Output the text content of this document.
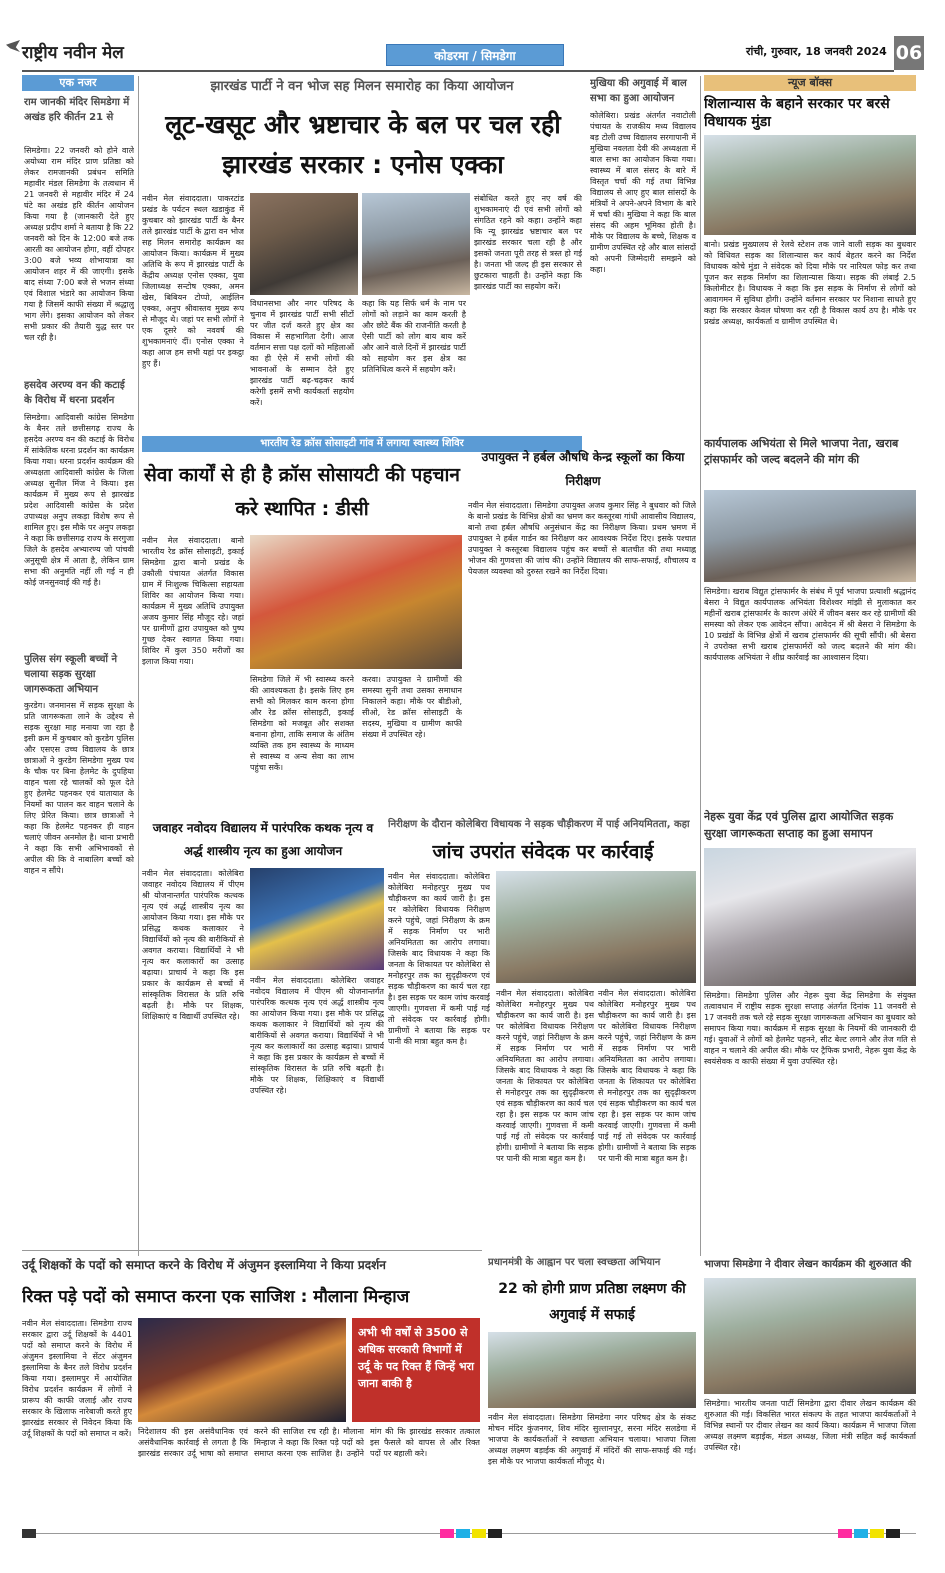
राष्ट्रीय नवीन मेल	कोडरमा / सिमडेगा	रांची, गुरुवार, 18 जनवरी 2024 06
एक नजर
राम जानकी मंदिर सिमडेगा में अखंड हरि कीर्तन 21 से
सिमडेगा। 22 जनवरी को होने वाले अयोध्या राम मंदिर प्राण प्रतिष्ठा को लेकर रामजानकी प्रबंधन समिति महावीर मंडल सिमडेगा के तत्वधान में 21 जनवरी से महावीर मंदिर में 24 घंटे का अखंड हरि कीर्तन आयोजन किया गया है (जानकारी देते हुए अध्यक्ष प्रदीप शर्मा ने बताया है कि 22 जनवरी को दिन के 12:00 बजे तक आरती का आयोजन होगा, वहीं दोपहर 3:00 बजे भव्य शोभायात्रा का आयोजन शहर में की जाएगी। इसके बाद संध्या 7:00 बजे से भजन संध्या एवं विशाल भंडारे का आयोजन किया गया है जिसमें काफी संख्या में श्रद्धालु भाग लेंगे। इसका आयोजन को लेकर सभी प्रकार की तैयारी युद्ध स्तर पर चल रही है।
हसदेव अरण्य वन की कटाई के विरोध में धरना प्रदर्शन
सिमडेगा। आदिवासी कांग्रेस सिमडेगा के बैनर तले छत्तीसगढ़ राज्य के हसदेव अरण्य वन की कटाई के विरोध में सांकेतिक धरना प्रदर्शन का कार्यक्रम किया गया। धरना प्रदर्शन कार्यक्रम की अध्यक्षता आदिवासी कांग्रेस के जिला अध्यक्ष सुनील मिंज ने किया। इस कार्यक्रम में मुख्य रूप से झारखंड प्रदेश आदिवासी कांग्रेस के प्रदेश उपाध्यक्ष अनुप लकड़ा विशेष रूप से शामिल हुए। इस मौके पर अनुप लकड़ा ने कहा कि छत्तीसगढ़ राज्य के सरगुजा जिले के हसदेव अभ्यारण्य जो पांचवी अनुसूची क्षेत्र में आता है, लेकिन ग्राम सभा की अनुमति नहीं ली गई न ही कोई जनसुनवाई की गई है।
पुलिस संग स्कूली बच्चों ने चलाया सड़क सुरक्षा जागरूकता अभियान
कुरडेग। जनमानस में सड़क सुरक्षा के प्रति जागरूकता लाने के उद्देश्य से सड़क सुरक्षा माह मनाया जा रहा है इसी क्रम में कुचबार को कुरडेग पुलिस और एसएस उच्च विद्यालय के छात्र छात्राओं ने कुरडेग सिमडेगा मुख्य पथ के चौक पर बिना हेलमेट के दुपहिया वाहन चला रहे चालकों को फूल देते हुए हेलमेट पहनकर एवं यातायात के नियमों का पालन कर वाहन चलाने के लिए प्रेरित किया। छात्र छात्राओं ने कहा कि हेलमेट पहनकर ही वाहन चलाएं जीवन अनमोल है। थाना प्रभारी ने कहा कि सभी अभिभावकों से अपील की कि वे नाबालिग बच्चों को वाहन न सौंपे।
झारखंड पार्टी ने वन भोज सह मिलन समारोह का किया आयोजन
लूट-खसूट और भ्रष्टाचार के बल पर चल रही झारखंड सरकार : एनोस एक्का
नवीन मेल संवाददाता। पाकरटांड प्रखंड के पर्यटन स्थल खडाकुंड में कुचबार को झारखंड पार्टी के बैनर तले झारखंड पार्टी के द्वारा वन भोज सह मिलन समारोह कार्यक्रम का आयोजन किया। कार्यक्रम में मुख्य अतिथि के रूप में झारखंड पार्टी के केंद्रीय अध्यक्ष एनोस एक्का, युवा जिलाध्यक्ष सन्टोष एक्का, अमन खेस, बिबियन टोप्पो, आईलिन एक्का, अनुप श्रीवास्तव मुख्य रूप से मौजूद थे। जहां पर सभी लोगों ने एक दूसरे को नववर्ष की शुभकामनाएं दीं। एनोस एक्का ने कहा आज हम सभी यहां पर इकट्ठा हुए हैं।
विधानसभा और नगर परिषद के चुनाव में झारखंड पार्टी सभी सीटों पर जीत दर्ज करते हुए क्षेत्र का विकास में सहभागिता देगी। आज वर्तमान सत्ता पक्ष दलों को महिलाओं का ही ऐसे में सभी लोगों की भावनाओं के सम्मान देते हुए झारखंड पार्टी बढ़-चढ़कर कार्य करेगी इसमें सभी कार्यकर्ता सहयोग करें।
कहा कि यह सिर्फ धर्म के नाम पर लोगों को लड़ाने का काम करती है और छोटे बैंक की राजनीति करती है ऐसी पार्टी को लोग बाय बाय करें और आने वाले दिनों में झारखंड पार्टी को सहयोग कर इस क्षेत्र का प्रतिनिधित्व करने में सहयोग करें।
संबोधित करते हुए नए वर्ष की शुभकामनाएं दी एवं सभी लोगों को संगठित रहने को कहा। उन्होंने कहा कि न्यू झारखंड भ्रष्टाचार बल पर झारखंड सरकार चला रही है और इसको जनता पूरी तरह से त्रस्त हो गई है। जनता भी जल्द ही इस सरकार से छुटकारा चाहती है। उन्होंने कहा कि झारखंड पार्टी का सहयोग करें।
मुखिया की अगुवाई में बाल सभा का हुआ आयोजन
कोलेबिरा। प्रखंड अंतर्गत नवाटोली पंचायत के राजकीय मध्य विद्यालय बड़ टोली उच्च विद्यालय सरगापानी में मुखिया नवलता देवी की अध्यक्षता में बाल सभा का आयोजन किया गया। स्वास्थ्य में बाल संसद के बारे में विस्तृत चर्चा की गई तथा विभिन्न विद्यालय से आए हुए बाल सांसदों के मंत्रियों ने अपने-अपने विभाग के बारे में चर्चा की। मुखिया ने कहा कि बाल संसद की अहम भूमिका होती है। मौके पर विद्यालय के बच्चे, शिक्षक व ग्रामीण उपस्थित रहे और बाल सांसदों को अपनी जिम्मेदारी समझने को कहा।
न्यूज बॉक्स
शिलान्यास के बहाने सरकार पर बरसे विधायक मुंडा
बानो। प्रखंड मुख्यालय से रेलवे स्टेशन तक जाने वाली सड़क का बुधवार को विधिवत सड़क का शिलान्यास कर कार्य बेहतर करने का निर्देश विधायक कोचे मुंडा ने संवेदक को दिया मौके पर नारियल फोड़ कर तथा पूजन कर सड़क निर्माण का शिलान्यास किया। सड़क की लंबाई 2.5 किलोमीटर है। विधायक ने कहा कि इस सड़क के निर्माण से लोगों को आवागमन में सुविधा होगी। उन्होंने वर्तमान सरकार पर निशाना साधते हुए कहा कि सरकार केवल घोषणा कर रही है विकास कार्य ठप है। मौके पर प्रखंड अध्यक्ष, कार्यकर्ता व ग्रामीण उपस्थित थे।
भारतीय रेड क्रॉस सोसाइटी गांव में लगाया स्वास्थ्य शिविर
सेवा कार्यों से ही है क्रॉस सोसायटी की पहचान करे स्थापित : डीसी
नवीन मेल संवाददाता। बानो भारतीय रेड क्रॉस सोसाइटी, इकाई सिमडेगा द्वारा बानो प्रखंड के उकौली पंचायत अंतर्गत विकास ग्राम में निःशुल्क चिकित्सा सहायता शिविर का आयोजन किया गया। कार्यक्रम में मुख्य अतिथि उपायुक्त अजय कुमार सिंह मौजूद रहे। जहां पर ग्रामीणों द्वारा उपायुक्त को पुष्प गुच्छ देकर स्वागत किया गया। शिविर में कुल 350 मरीजों का इलाज किया गया।
सिमडेगा जिले में भी स्वास्थ्य करने की आवश्यकता है। इसके लिए हम सभी को मिलकर काम करना होगा और रेड क्रॉस सोसाइटी, इकाई सिमडेगा को मजबूत और सशक्त बनाना होगा, ताकि समाज के अंतिम व्यक्ति तक हम स्वास्थ्य के माध्यम से स्वास्थ्य व अन्य सेवा का लाभ पहुंचा सकें।
करवा। उपायुक्त ने ग्रामीणों की समस्या सुनी तथा उसका समाधान निकालने कहा। मौके पर बीडीओ, सीओ, रेड क्रॉस सोसाइटी के सदस्य, मुखिया व ग्रामीण काफी संख्या में उपस्थित रहे।
उपायुक्त ने हर्बल औषधि केन्द्र स्कूलों का किया निरीक्षण
नवीन मेल संवाददाता। सिमडेगा उपायुक्त अजय कुमार सिंह ने बुधवार को जिले के बानो प्रखंड के विभिन्न क्षेत्रों का भ्रमण कर कस्तूरबा गांधी आवासीय विद्यालय, बानो तथा हर्बल औषधि अनुसंधान केंद्र का निरीक्षण किया। प्रथम भ्रमण में उपायुक्त ने हर्बल गार्डन का निरीक्षण कर आवश्यक निर्देश दिए। इसके पश्चात उपायुक्त ने कस्तूरबा विद्यालय पहुंच कर बच्चों से बातचीत की तथा मध्याह्न भोजन की गुणवत्ता की जांच की। उन्होंने विद्यालय की साफ-सफाई, शौचालय व पेयजल व्यवस्था को दुरुस्त रखने का निर्देश दिया।
कार्यपालक अभियंता से मिले भाजपा नेता, खराब ट्रांसफार्मर को जल्द बदलने की मांग की
सिमडेगा। खराब विद्युत ट्रांसफार्मर के संबंध में पूर्व भाजपा प्रत्याशी श्रद्धानंद बेसरा ने विद्युत कार्यपालक अभियंता विशेश्वर मांझी से मुलाकात कर महीनों खराब ट्रांसफार्मर के कारण अंधेरे में जीवन बसर कर रहे ग्रामीणों की समस्या को लेकर एक आवेदन सौंपा। आवेदन में श्री बेसरा ने सिमडेगा के 10 प्रखंडों के विभिन्न क्षेत्रों में खराब ट्रांसफार्मर की सूची सौंपी। श्री बेसरा ने उपरोक्त सभी खराब ट्रांसफार्मरों को जल्द बदलने की मांग की। कार्यपालक अभियंता ने शीघ्र कार्रवाई का आश्वासन दिया।
जवाहर नवोदय विद्यालय में पारंपरिक कथक नृत्य व अर्द्ध शास्त्रीय नृत्य का हुआ आयोजन
नवीन मेल संवाददाता। कोलेबिरा जवाहर नवोदय विद्यालय में पीएम श्री योजनान्तर्गत पारंपरिक कत्थक नृत्य एवं अर्द्ध शास्त्रीय नृत्य का आयोजन किया गया। इस मौके पर प्रसिद्ध कथक कलाकार ने विद्यार्थियों को नृत्य की बारीकियों से अवगत कराया। विद्यार्थियों ने भी नृत्य कर कलाकारों का उत्साह बढ़ाया। प्राचार्य ने कहा कि इस प्रकार के कार्यक्रम से बच्चों में सांस्कृतिक विरासत के प्रति रुचि बढ़ती है। मौके पर शिक्षक, शिक्षिकाएं व विद्यार्थी उपस्थित रहे।
नवीन मेल संवाददाता। कोलेबिरा जवाहर नवोदय विद्यालय में पीएम श्री योजनान्तर्गत पारंपरिक कत्थक नृत्य एवं अर्द्ध शास्त्रीय नृत्य का आयोजन किया गया। इस मौके पर प्रसिद्ध कथक कलाकार ने विद्यार्थियों को नृत्य की बारीकियों से अवगत कराया। विद्यार्थियों ने भी नृत्य कर कलाकारों का उत्साह बढ़ाया। प्राचार्य ने कहा कि इस प्रकार के कार्यक्रम से बच्चों में सांस्कृतिक विरासत के प्रति रुचि बढ़ती है। मौके पर शिक्षक, शिक्षिकाएं व विद्यार्थी उपस्थित रहे।
निरीक्षण के दौरान कोलेबिरा विधायक ने सड़क चौड़ीकरण में पाई अनियमितता, कहा
जांच उपरांत संवेदक पर कार्रवाई
नवीन मेल संवाददाता। कोलेबिरा कोलेबिरा मनोहरपुर मुख्य पथ चौड़ीकरण का कार्य जारी है। इस पर कोलेबिरा विधायक निरीक्षण करने पहुंचे, जहां निरीक्षण के क्रम में सड़क निर्माण पर भारी अनियमितता का आरोप लगाया। जिसके बाद विधायक ने कहा कि जनता के शिकायत पर कोलेबिरा से मनोहरपुर तक का सुदृढ़ीकरण एवं सड़क चौड़ीकरण का कार्य चल रहा है। इस सड़क पर काम जांच करवाई जाएगी। गुणवत्ता में कमी पाई गई तो संवेदक पर कार्रवाई होगी। ग्रामीणों ने बताया कि सड़क पर पानी की मात्रा बहुत कम है।
नवीन मेल संवाददाता। कोलेबिरा कोलेबिरा मनोहरपुर मुख्य पथ चौड़ीकरण का कार्य जारी है। इस पर कोलेबिरा विधायक निरीक्षण करने पहुंचे, जहां निरीक्षण के क्रम में सड़क निर्माण पर भारी अनियमितता का आरोप लगाया। जिसके बाद विधायक ने कहा कि जनता के शिकायत पर कोलेबिरा से मनोहरपुर तक का सुदृढ़ीकरण एवं सड़क चौड़ीकरण का कार्य चल रहा है। इस सड़क पर काम जांच करवाई जाएगी। गुणवत्ता में कमी पाई गई तो संवेदक पर कार्रवाई होगी। ग्रामीणों ने बताया कि सड़क पर पानी की मात्रा बहुत कम है।
नवीन मेल संवाददाता। कोलेबिरा कोलेबिरा मनोहरपुर मुख्य पथ चौड़ीकरण का कार्य जारी है। इस पर कोलेबिरा विधायक निरीक्षण करने पहुंचे, जहां निरीक्षण के क्रम में सड़क निर्माण पर भारी अनियमितता का आरोप लगाया। जिसके बाद विधायक ने कहा कि जनता के शिकायत पर कोलेबिरा से मनोहरपुर तक का सुदृढ़ीकरण एवं सड़क चौड़ीकरण का कार्य चल रहा है। इस सड़क पर काम जांच करवाई जाएगी। गुणवत्ता में कमी पाई गई तो संवेदक पर कार्रवाई होगी। ग्रामीणों ने बताया कि सड़क पर पानी की मात्रा बहुत कम है।
नेहरू युवा केंद्र एवं पुलिस द्वारा आयोजित सड़क सुरक्षा जागरूकता सप्ताह का हुआ समापन
सिमडेगा। सिमडेगा पुलिस और नेहरू युवा केंद्र सिमडेगा के संयुक्त तत्वावधान में राष्ट्रीय सड़क सुरक्षा सप्ताह अंतर्गत दिनांक 11 जनवरी से 17 जनवरी तक चले रहे सड़क सुरक्षा जागरूकता अभियान का बुधवार को समापन किया गया। कार्यक्रम में सड़क सुरक्षा के नियमों की जानकारी दी गई। युवाओं ने लोगों को हेलमेट पहनने, सीट बेल्ट लगाने और तेज गति से वाहन न चलाने की अपील की। मौके पर ट्रैफिक प्रभारी, नेहरू युवा केंद्र के स्वयंसेवक व काफी संख्या में युवा उपस्थित रहे।
उर्दू शिक्षकों के पदों को समाप्त करने के विरोध में अंजुमन इस्लामिया ने किया प्रदर्शन
रिक्त पड़े पदों को समाप्त करना एक साजिश : मौलाना मिन्हाज
नवीन मेल संवाददाता। सिमडेगा राज्य सरकार द्वारा उर्दू शिक्षकों के 4401 पदों को समाप्त करने के विरोध में अंजुमन इस्लामिया ने सेंटर अंजुमन इस्लामिया के बैनर तले विरोध प्रदर्शन किया गया। इस्लामपुर में आयोजित विरोध प्रदर्शन कार्यक्रम में लोगों ने प्रारूप की काफी जलाई और राज्य सरकार के खिलाफ नारेबाजी करते हुए झारखंड सरकार से निवेदन किया कि उर्दू शिक्षकों के पदों को समाप्त न करें।
अभी भी वर्षों से 3500 से अधिक सरकारी विभागों में उर्दू के पद रिक्त हैं जिन्हें भरा जाना बाकी है
निदेशालय की इस असंवैधानिक एवं असंवैधानिक कार्रवाई से लगता है कि झारखंड सरकार उर्दू भाषा को समाप्त करने की साजिश रच रही है। मौलाना मिन्हाज ने कहा कि रिक्त पड़े पदों को समाप्त करना एक साजिश है। उन्होंने मांग की कि झारखंड सरकार तत्काल इस फैसले को वापस ले और रिक्त पदों पर बहाली करे।
प्रधानमंत्री के आह्वान पर चला स्वच्छता अभियान
22 को होगी प्राण प्रतिष्ठा लक्ष्मण की अगुवाई में सफाई
नवीन मेल संवाददाता। सिमडेगा सिमडेगा नगर परिषद क्षेत्र के संकट मोचन मंदिर कुंजनगर, शिव मंदिर सुल्तानपुर, सरना मंदिर सलडेगा में भाजपा के कार्यकर्ताओं ने स्वच्छता अभियान चलाया। भाजपा जिला अध्यक्ष लक्ष्मण बड़ाईक की अगुवाई में मंदिरों की साफ-सफाई की गई। इस मौके पर भाजपा कार्यकर्ता मौजूद थे।
भाजपा सिमडेगा ने दीवार लेखन कार्यक्रम की शुरुआत की
सिमडेगा। भारतीय जनता पार्टी सिमडेगा द्वारा दीवार लेखन कार्यक्रम की शुरुआत की गई। विकसित भारत संकल्प के तहत भाजपा कार्यकर्ताओं ने विभिन्न स्थानों पर दीवार लेखन का कार्य किया। कार्यक्रम में भाजपा जिला अध्यक्ष लक्ष्मण बड़ाईक, मंडल अध्यक्ष, जिला मंत्री सहित कई कार्यकर्ता उपस्थित रहे।
